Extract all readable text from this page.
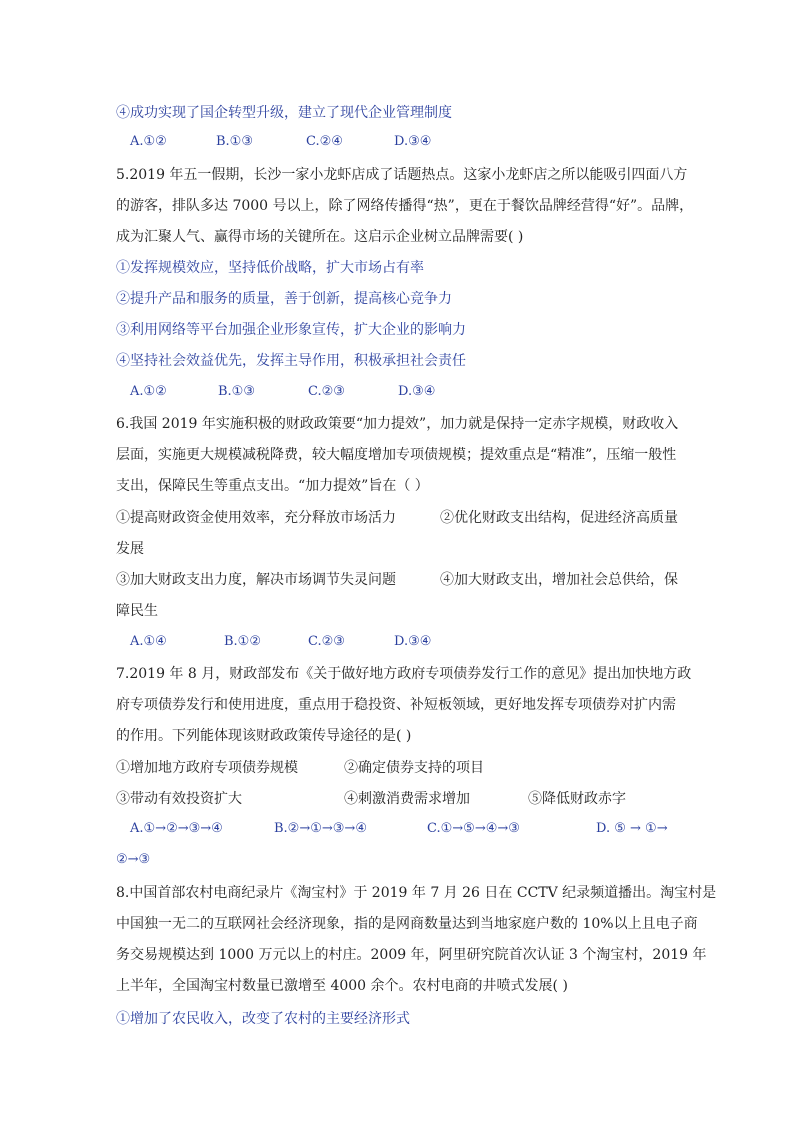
④成功实现了国企转型升级，建立了现代企业管理制度
A.①②	B.①③	C.②④	D.③④
5.2019 年五一假期，长沙一家小龙虾店成了话题热点。这家小龙虾店之所以能吸引四面八方
的游客，排队多达 7000 号以上，除了网络传播得“热”，更在于餐饮品牌经营得“好”。品牌，
成为汇聚人气、赢得市场的关键所在。这启示企业树立品牌需要( )
①发挥规模效应，坚持低价战略，扩大市场占有率
②提升产品和服务的质量，善于创新，提高核心竞争力
③利用网络等平台加强企业形象宣传，扩大企业的影响力
④坚持社会效益优先，发挥主导作用，积极承担社会责任
A.①②	B.①③	C.②③	D.③④
6.我国 2019 年实施积极的财政政策要“加力提效”，加力就是保持一定赤字规模，财政收入
层面，实施更大规模减税降费，较大幅度增加专项债规模；提效重点是“精准”，压缩一般性
支出，保障民生等重点支出。“加力提效”旨在（ ）
①提高财政资金使用效率，充分释放市场活力	②优化财政支出结构，促进经济高质量
发展
③加大财政支出力度，解决市场调节失灵问题	④加大财政支出，增加社会总供给，保
障民生
A.①④	B.①②	C.②③	D.③④
7.2019 年 8 月，财政部发布《关于做好地方政府专项债券发行工作的意见》提出加快地方政
府专项债券发行和使用进度，重点用于稳投资、补短板领域，更好地发挥专项债券对扩内需
的作用。下列能体现该财政政策传导途径的是( )
①增加地方政府专项债券规模	②确定债券支持的项目
③带动有效投资扩大	④刺激消费需求增加	⑤降低财政赤字
A.①→②→③→④	B.②→①→③→④	C.①→⑤→④→③	D. ⑤ → ①→
②→③
8.中国首部农村电商纪录片《淘宝村》于 2019 年 7 月 26 日在 CCTV 纪录频道播出。淘宝村是
中国独一无二的互联网社会经济现象，指的是网商数量达到当地家庭户数的 10%以上且电子商
务交易规模达到 1000 万元以上的村庄。2009 年，阿里研究院首次认证 3 个淘宝村，2019 年
上半年，全国淘宝村数量已激增至 4000 余个。农村电商的井喷式发展( )
①增加了农民收入，改变了农村的主要经济形式
